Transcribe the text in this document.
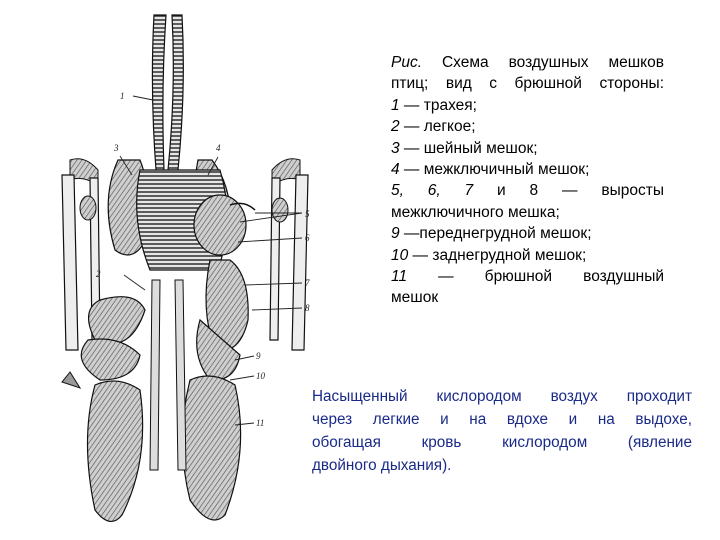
1
2
3	4
5
6
7
8
9
10
11
Рис. Схема воздушных мешков
птиц; вид с брюшной стороны:
1 — трахея;
2 — легкое;
3 — шейный мешок;
4 — межключичный мешок;
5, 6, 7 и 8 — выросты
межключичного мешка;
9 —переднегрудной мешок;
10 — заднегрудной мешок;
11 — брюшной воздушный
мешок
Насыщенный кислородом воздух проходит
через легкие и на вдохе и на выдохе,
обогащая кровь кислородом (явление
двойного дыхания).
